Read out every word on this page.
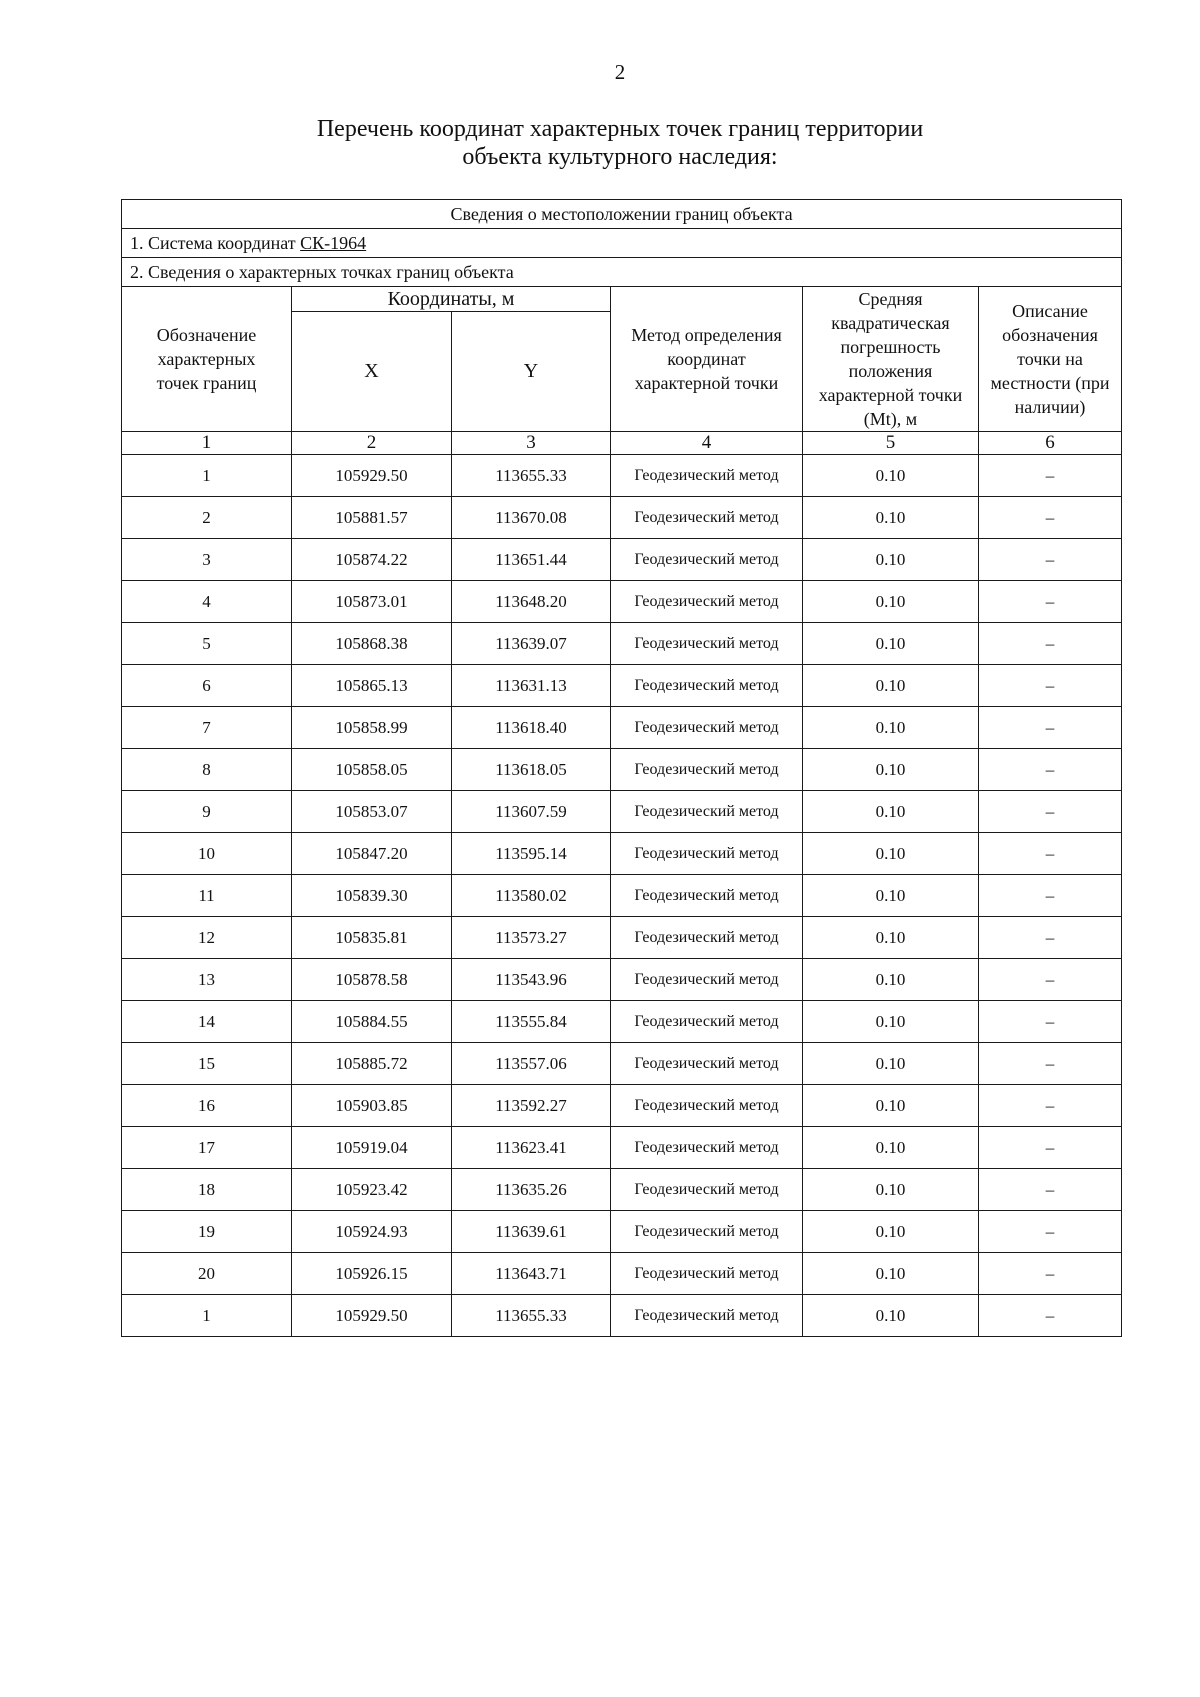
2
Перечень координат характерных точек границ территории
объекта культурного наследия:
Сведения о местоположении границ объекта					
1. Система координат СК-1964					
2. Сведения о характерных точках границ объекта					
Обозначение характерных точек границ	Координаты, м		Метод определения координат характерной точки	Средняя квадратическая погрешность положения характерной точки (Mt), м	Описание обозначения точки на местности (при наличии)
	X	Y			
1	2	3	4	5	6
1	105929.50	113655.33	Геодезический метод	0.10	–
2	105881.57	113670.08	Геодезический метод	0.10	–
3	105874.22	113651.44	Геодезический метод	0.10	–
4	105873.01	113648.20	Геодезический метод	0.10	–
5	105868.38	113639.07	Геодезический метод	0.10	–
6	105865.13	113631.13	Геодезический метод	0.10	–
7	105858.99	113618.40	Геодезический метод	0.10	–
8	105858.05	113618.05	Геодезический метод	0.10	–
9	105853.07	113607.59	Геодезический метод	0.10	–
10	105847.20	113595.14	Геодезический метод	0.10	–
11	105839.30	113580.02	Геодезический метод	0.10	–
12	105835.81	113573.27	Геодезический метод	0.10	–
13	105878.58	113543.96	Геодезический метод	0.10	–
14	105884.55	113555.84	Геодезический метод	0.10	–
15	105885.72	113557.06	Геодезический метод	0.10	–
16	105903.85	113592.27	Геодезический метод	0.10	–
17	105919.04	113623.41	Геодезический метод	0.10	–
18	105923.42	113635.26	Геодезический метод	0.10	–
19	105924.93	113639.61	Геодезический метод	0.10	–
20	105926.15	113643.71	Геодезический метод	0.10	–
1	105929.50	113655.33	Геодезический метод	0.10	–
